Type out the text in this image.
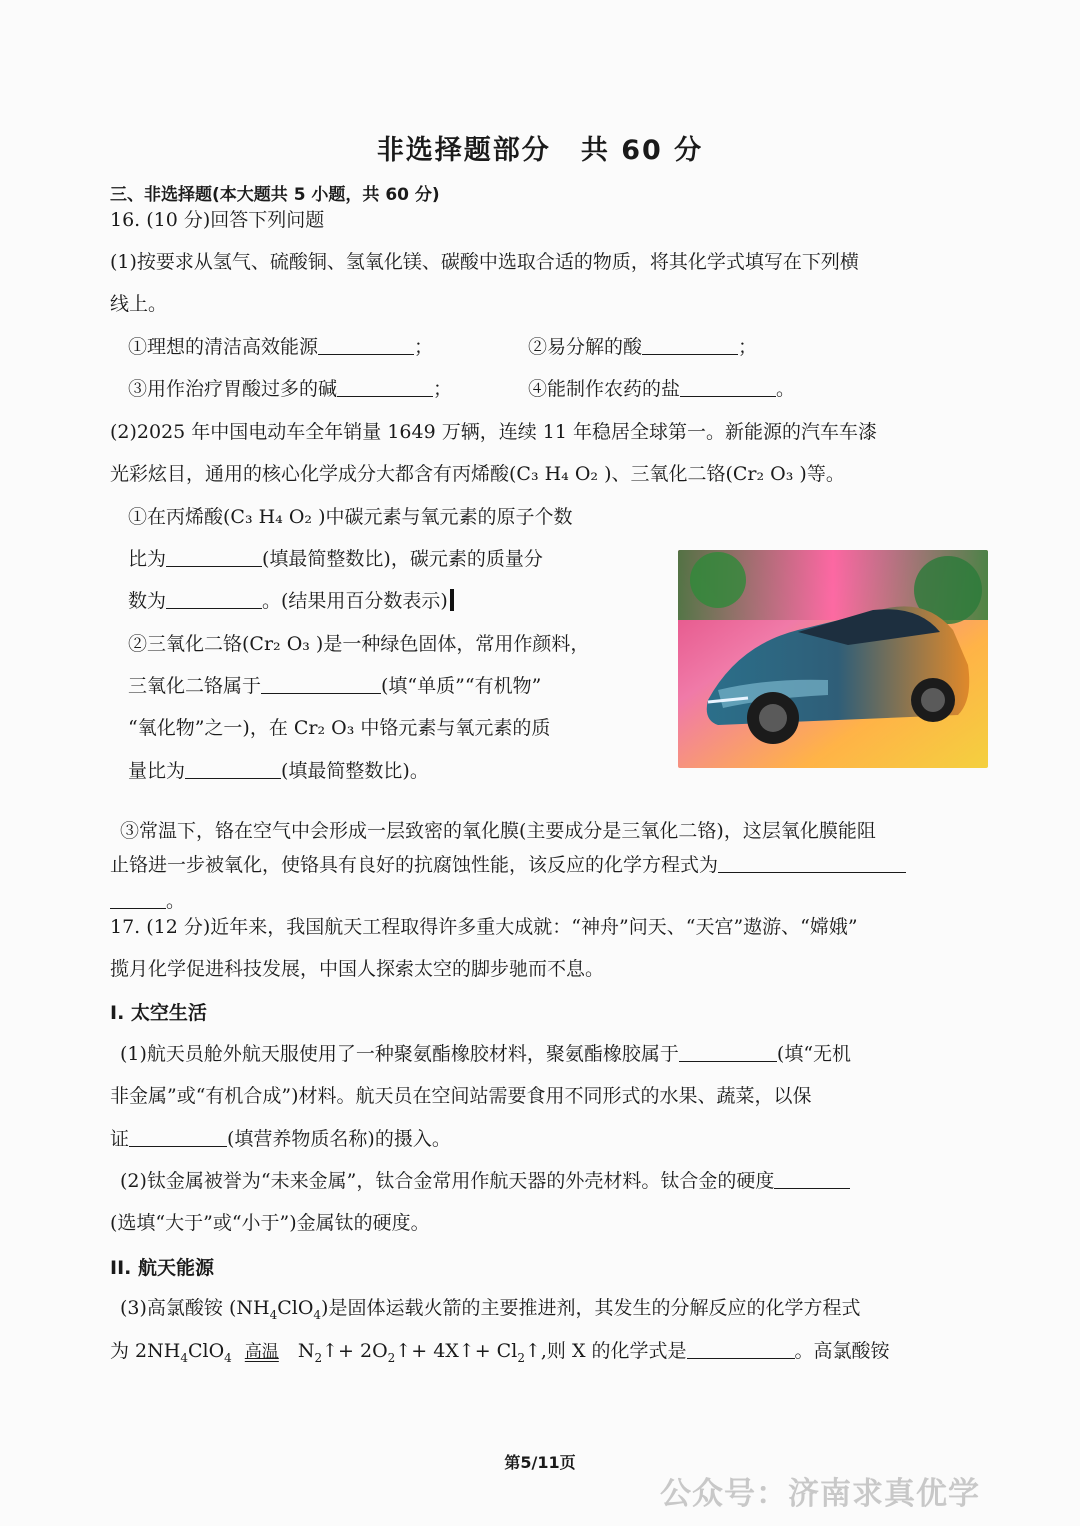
非选择题部分 共 60 分
三、非选择题(本大题共 5 小题，共 60 分)
16. (10 分)回答下列问题
(1)按要求从氢气、硫酸铜、氢氧化镁、碳酸中选取合适的物质，将其化学式填写在下列横
线上。
①理想的清洁高效能源	；	②易分解的酸	；
③用作治疗胃酸过多的碱	；	④能制作农药的盐	。
(2)2025 年中国电动车全年销量 1649 万辆，连续 11 年稳居全球第一。新能源的汽车车漆
光彩炫目，通用的核心化学成分大都含有丙烯酸(C₃ H₄ O₂ )、三氧化二铬(Cr₂ O₃ )等。
①在丙烯酸(C₃ H₄ O₂ )中碳元素与氧元素的原子个数
比为	(填最简整数比)，碳元素的质量分
数为	。(结果用百分数表示)
②三氧化二铬(Cr₂ O₃ )是一种绿色固体，常用作颜料，
三氧化二铬属于	(填“单质”“有机物”
“氧化物”之一)，在 Cr₂ O₃ 中铬元素与氧元素的质
量比为	(填最简整数比)。
③常温下，铬在空气中会形成一层致密的氧化膜(主要成分是三氧化二铬)，这层氧化膜能阻
止铬进一步被氧化，使铬具有良好的抗腐蚀性能，该反应的化学方程式为
。
17. (12 分)近年来，我国航天工程取得许多重大成就：“神舟”问天、“天宫”遨游、“嫦娥”
揽月化学促进科技发展，中国人探索太空的脚步驰而不息。
I. 太空生活
(1)航天员舱外航天服使用了一种聚氨酯橡胶材料，聚氨酯橡胶属于	(填“无机
非金属”或“有机合成”)材料。航天员在空间站需要食用不同形式的水果、蔬菜，以保
证	(填营养物质名称)的摄入。
(2)钛金属被誉为“未来金属”，钛合金常用作航天器的外壳材料。钛合金的硬度
(选填“大于”或“小于”)金属钛的硬度。
II. 航天能源
(3)高氯酸铵 $(NH_4ClO_4)$是固体运载火箭的主要推进剂，其发生的分解反应的化学方程式
为 $2NH_4ClO_4$ 高温 $N_2↑+$ $2O_2↑+$ 4X↑+ $Cl_2↑$,则 X 的化学式是	。高氯酸铵
第5/11页
公众号：济南求真优学
